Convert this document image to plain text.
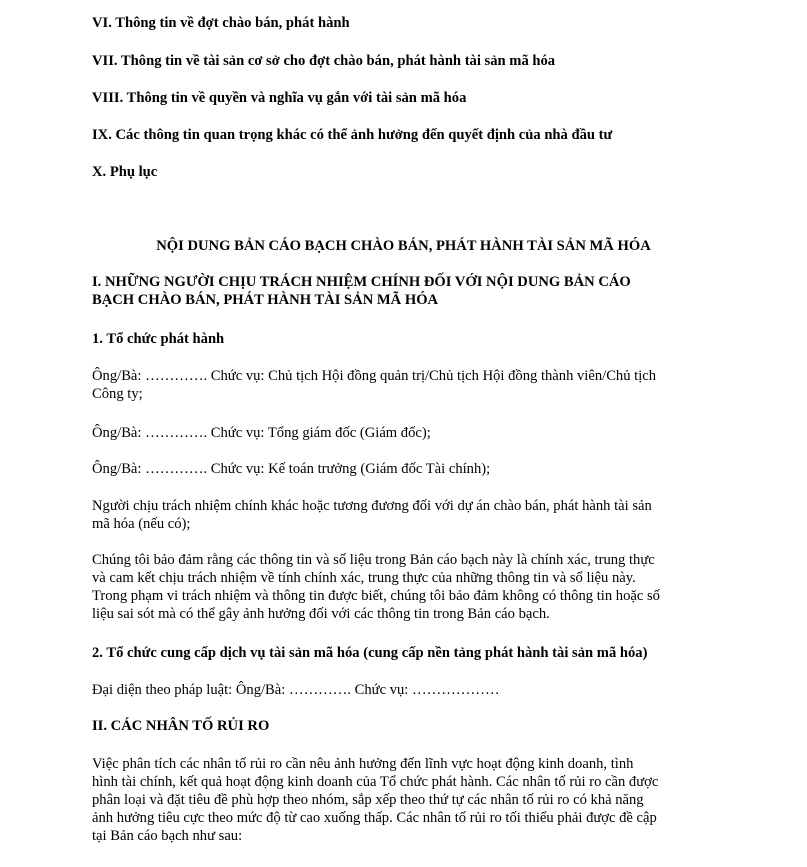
VI. Thông tin về đợt chào bán, phát hành

VII. Thông tin về tài sản cơ sở cho đợt chào bán, phát hành tài sản mã hóa

VIII. Thông tin về quyền và nghĩa vụ gắn với tài sản mã hóa

IX. Các thông tin quan trọng khác có thể ảnh hưởng đến quyết định của nhà đầu tư

X. Phụ lục

NỘI DUNG BẢN CÁO BẠCH CHÀO BÁN, PHÁT HÀNH TÀI SẢN MÃ HÓA

I. NHỮNG NGƯỜI CHỊU TRÁCH NHIỆM CHÍNH ĐỐI VỚI NỘI DUNG BẢN CÁO
BẠCH CHÀO BÁN, PHÁT HÀNH TÀI SẢN MÃ HÓA

1. Tổ chức phát hành

Ông/Bà: …………. Chức vụ: Chủ tịch Hội đồng quản trị/Chủ tịch Hội đồng thành viên/Chủ tịch
Công ty;

Ông/Bà: …………. Chức vụ: Tổng giám đốc (Giám đốc);

Ông/Bà: …………. Chức vụ: Kế toán trưởng (Giám đốc Tài chính);

Người chịu trách nhiệm chính khác hoặc tương đương đối với dự án chào bán, phát hành tài sản
mã hóa (nếu có);
Chúng tôi bảo đảm rằng các thông tin và số liệu trong Bản cáo bạch này là chính xác, trung thực
và cam kết chịu trách nhiệm về tính chính xác, trung thực của những thông tin và số liệu này.
Trong phạm vi trách nhiệm và thông tin được biết, chúng tôi bảo đảm không có thông tin hoặc số
liệu sai sót mà có thể gây ảnh hưởng đối với các thông tin trong Bản cáo bạch.

2. Tổ chức cung cấp dịch vụ tài sản mã hóa (cung cấp nền tảng phát hành tài sản mã hóa)

Đại diện theo pháp luật: Ông/Bà: …………. Chức vụ: ………………

II. CÁC NHÂN TỐ RỦI RO

Việc phân tích các nhân tố rủi ro cần nêu ảnh hưởng đến lĩnh vực hoạt động kinh doanh, tình
hình tài chính, kết quả hoạt động kinh doanh của Tổ chức phát hành. Các nhân tố rủi ro cần được
phân loại và đặt tiêu đề phù hợp theo nhóm, sắp xếp theo thứ tự các nhân tố rủi ro có khả năng
ảnh hưởng tiêu cực theo mức độ từ cao xuống thấp. Các nhân tố rủi ro tối thiểu phải được đề cập
tại Bản cáo bạch như sau:
